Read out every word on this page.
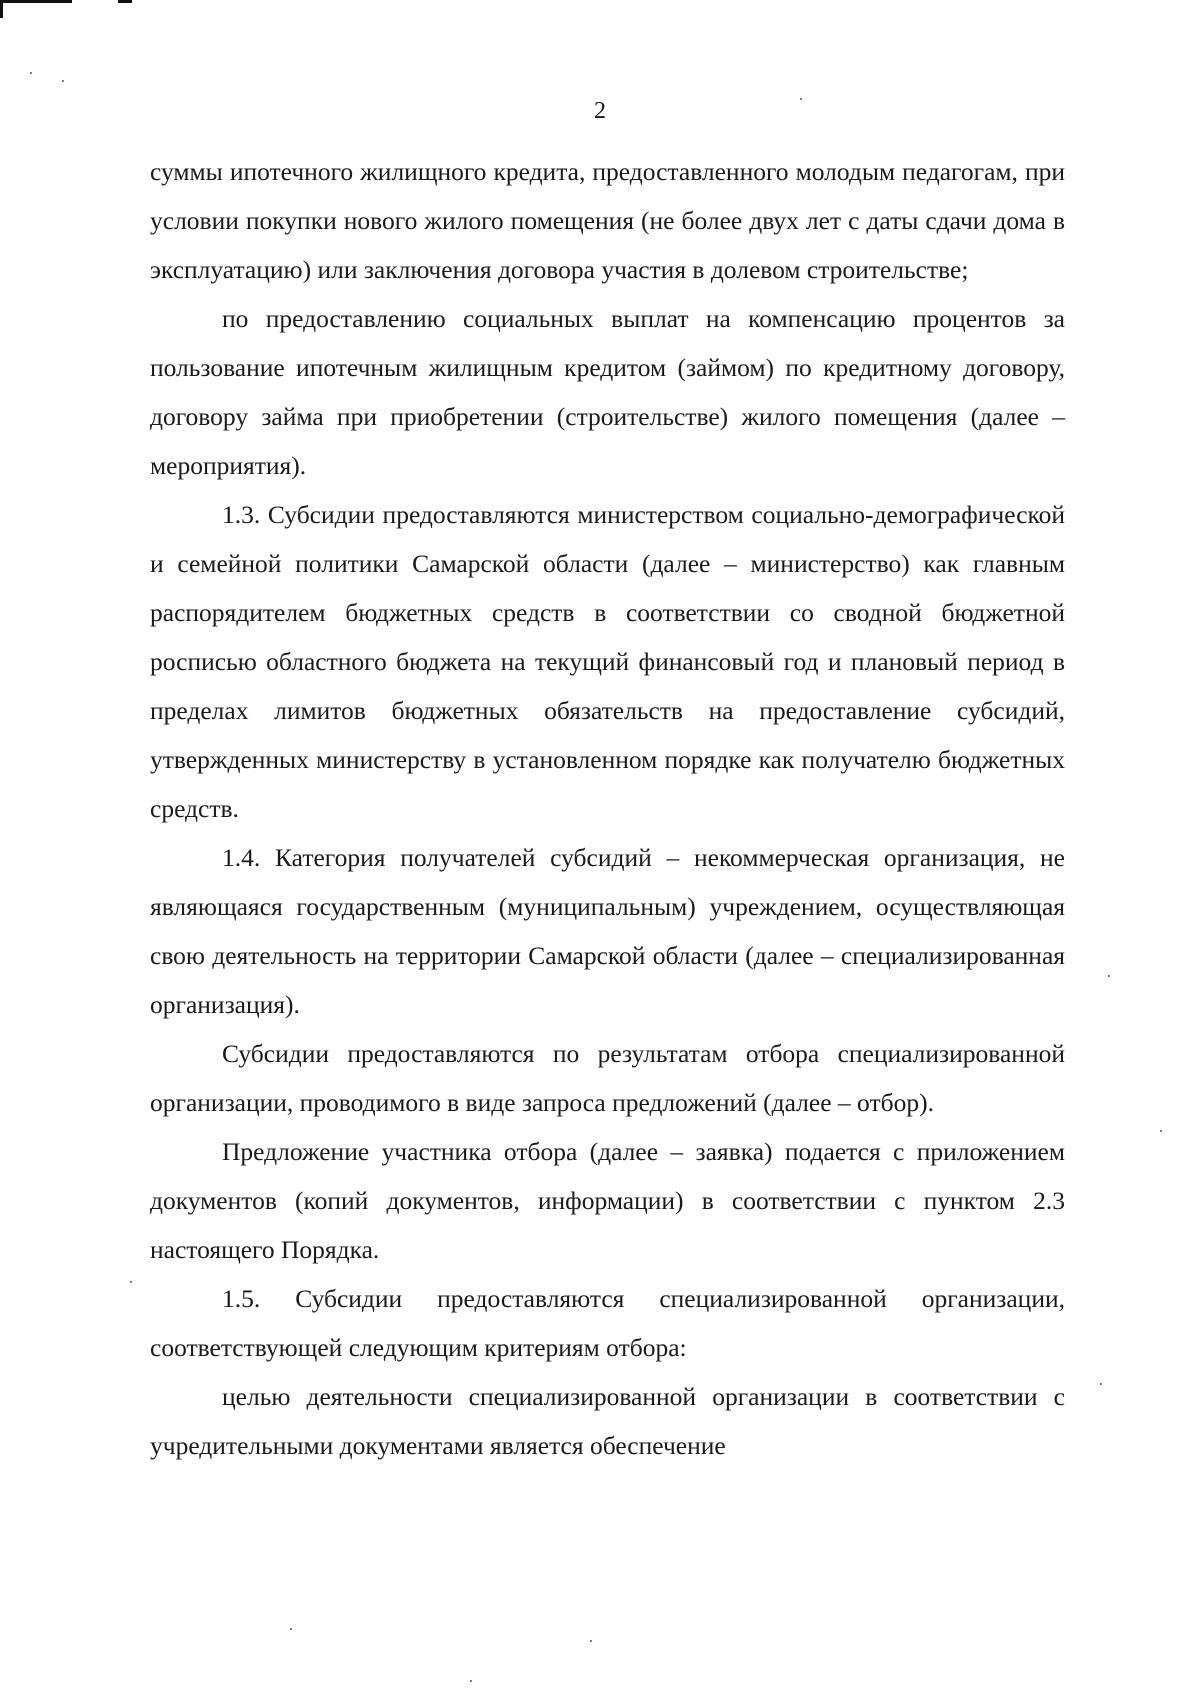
2

суммы ипотечного жилищного кредита, предоставленного молодым педагогам, при условии покупки нового жилого помещения (не более двух лет с даты сдачи дома в эксплуатацию) или заключения договора участия в долевом строительстве;

по предоставлению социальных выплат на компенсацию процентов за пользование ипотечным жилищным кредитом (займом) по кредитному договору, договору займа при приобретении (строительстве) жилого помещения (далее – мероприятия).

1.3. Субсидии предоставляются министерством социально-демографической и семейной политики Самарской области (далее – министерство) как главным распорядителем бюджетных средств в соответствии со сводной бюджетной росписью областного бюджета на текущий финансовый год и плановый период в пределах лимитов бюджетных обязательств на предоставление субсидий, утвержденных министерству в установленном порядке как получателю бюджетных средств.

1.4. Категория получателей субсидий – некоммерческая организация, не являющаяся государственным (муниципальным) учреждением, осуществляющая свою деятельность на территории Самарской области (далее – специализированная организация).

Субсидии предоставляются по результатам отбора специализированной организации, проводимого в виде запроса предложений (далее – отбор).

Предложение участника отбора (далее – заявка) подается с приложением документов (копий документов, информации) в соответствии с пунктом 2.3 настоящего Порядка.

1.5. Субсидии предоставляются специализированной организации, соответствующей следующим критериям отбора:

целью деятельности специализированной организации в соответствии с учредительными документами является обеспечение
